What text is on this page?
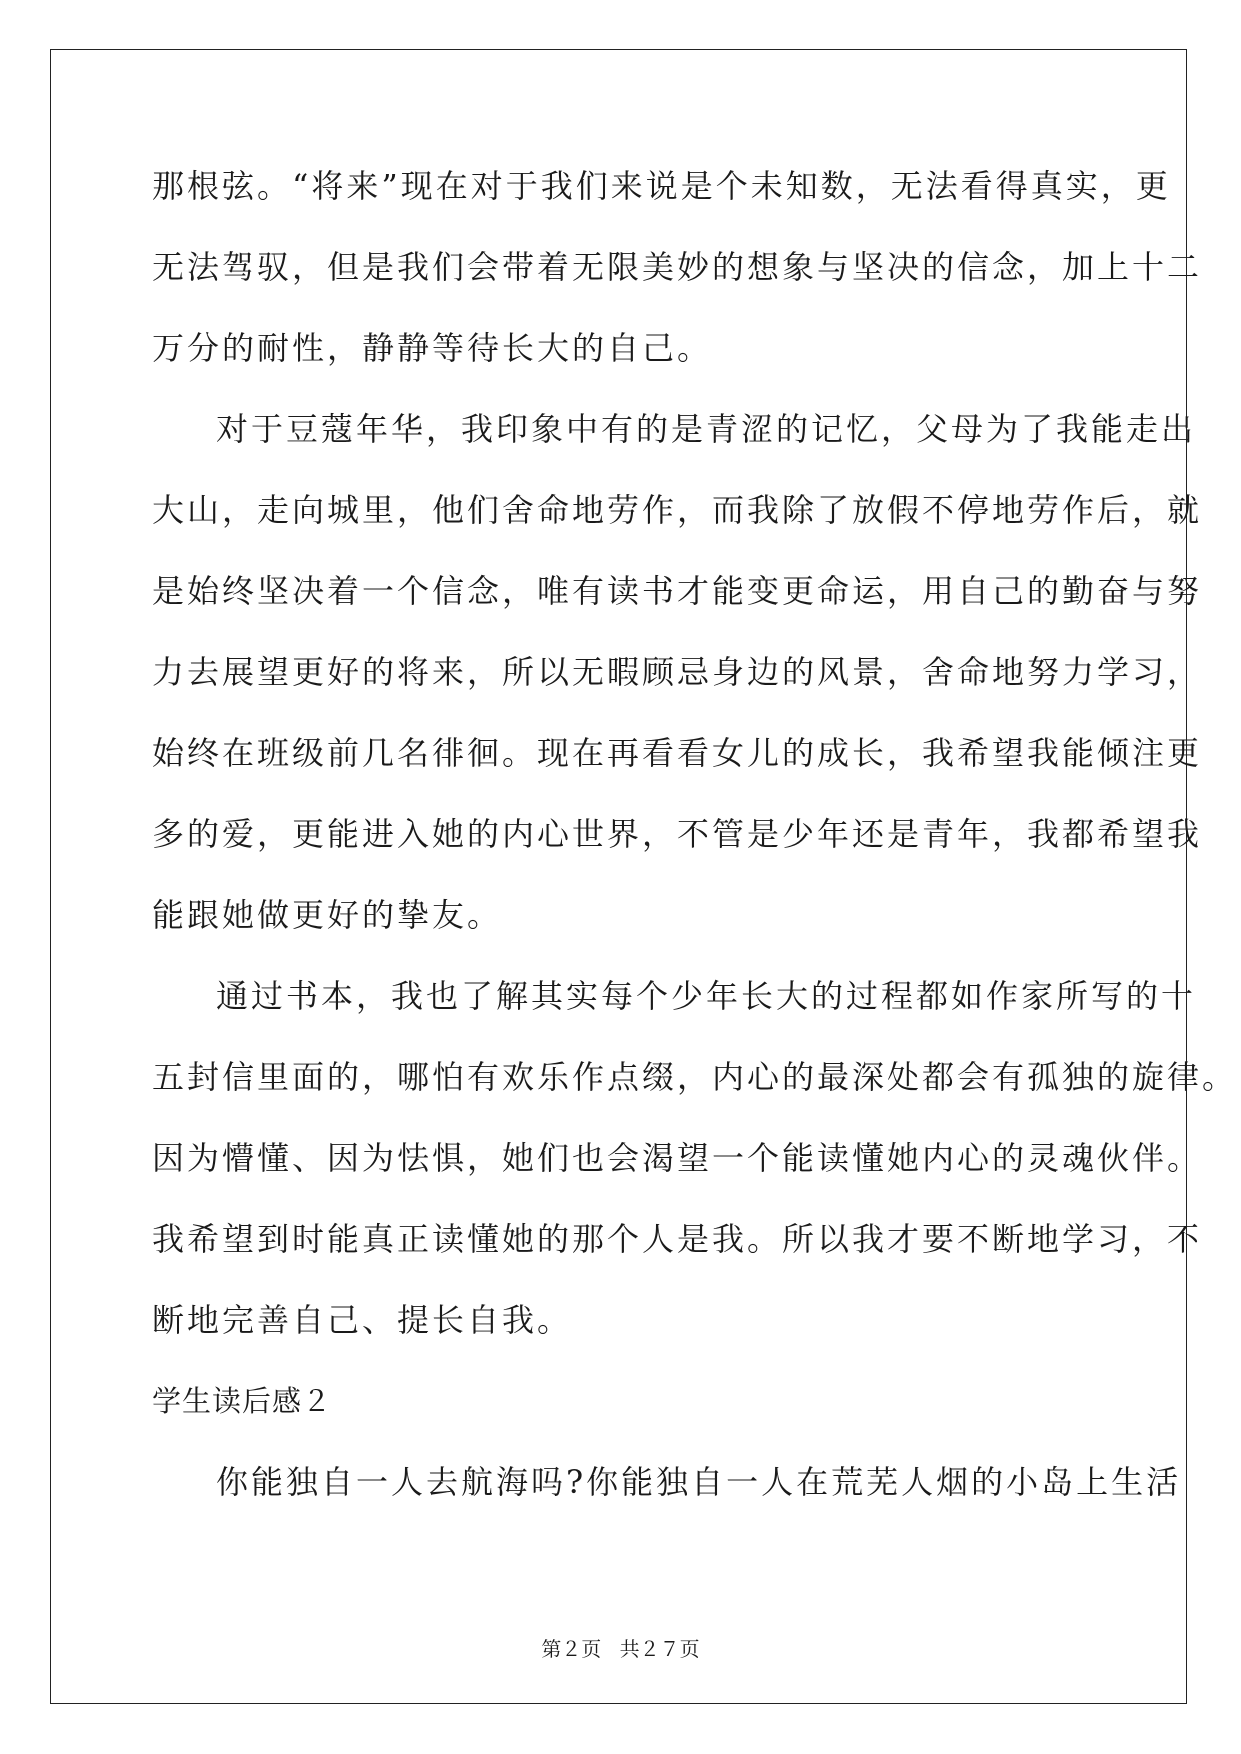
那根弦。“将来”现在对于我们来说是个未知数，无法看得真实，更
无法驾驭，但是我们会带着无限美妙的想象与坚决的信念，加上十二
万分的耐性，静静等待长大的自己。
对于豆蔻年华，我印象中有的是青涩的记忆，父母为了我能走出
大山，走向城里，他们舍命地劳作，而我除了放假不停地劳作后，就
是始终坚决着一个信念，唯有读书才能变更命运，用自己的勤奋与努
力去展望更好的将来，所以无暇顾忌身边的风景，舍命地努力学习，
始终在班级前几名徘徊。现在再看看女儿的成长，我希望我能倾注更
多的爱，更能进入她的内心世界，不管是少年还是青年，我都希望我
能跟她做更好的挚友。
通过书本，我也了解其实每个少年长大的过程都如作家所写的十
五封信里面的，哪怕有欢乐作点缀，内心的最深处都会有孤独的旋律。
因为懵懂、因为怯惧，她们也会渴望一个能读懂她内心的灵魂伙伴。
我希望到时能真正读懂她的那个人是我。所以我才要不断地学习，不
断地完善自己、提长自我。
学生读后感２
你能独自一人去航海吗?你能独自一人在荒芜人烟的小岛上生活
第２页 共２７页
